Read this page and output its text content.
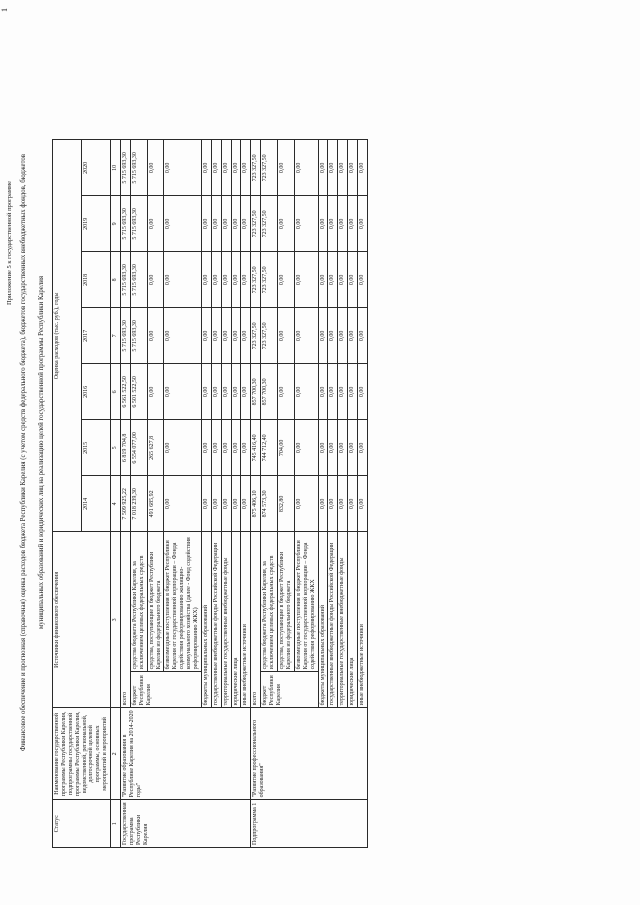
1
Приложение 5 к государственной программе Финансовое обеспечение и прогнозная (справочная) оценка расходов бюджета Республики Карелия (с учетом средств федерального бюджета), бюджетов государственных внебюджетных фондов, бюджетов муниципальных образований и юридических лиц на реализацию целей государственной программы Республики Карелия
Статус	Наименование государственной программы Республики Карелия, подпрограммы государственной программы Республики Карелия, ведомственной, региональной, долгосрочной целевой программы, основных мероприятий и мероприятий	Источники финансового обеспечения		Оценка расходов (тыс. руб.), годы						
				2014	2015	2016	2017	2018	2019	2020
1	2	3		4	5	6	7	8	9	10
Государственная программа Республики Карелия	"Развитие образования в Республике Карелия на 2014-2020 годы"	всего		7 509 925,22	6 819 704,8	6 561 522,50	5 715 693,30	5 715 693,30	5 715 693,30	5 715 693,30
		бюджет Республики Карелия	средства бюджета Республики Карелия, за исключением целевых федеральных средств	7 018 239,30	6 554 077,00	6 501 522,50	5 715 693,30	5 715 693,30	5 715 693,30	5 715 693,30
			средства, поступающие в бюджет Республики Карелия из федерального бюджета	491 685,92	265 627,8	0,00	0,00	0,00	0,00	0,00
			безвозмездные поступления в бюджет Республики Карелия от государственной корпорации – Фонда содействия реформированию жилищно-коммунального хозяйства (далее - Фонд содействия реформированию ЖКХ)	0,00	0,00	0,00	0,00	0,00	0,00	0,00
		бюджеты муниципальных образований		0,00	0,00	0,00	0,00	0,00	0,00	0,00
		государственные внебюджетные фонды Российской Федерации		0,00	0,00	0,00	0,00	0,00	0,00	0,00
		территориальные государственные внебюджетные фонды		0,00	0,00	0,00	0,00	0,00	0,00	0,00
		юридические лица		0,00	0,00	0,00	0,00	0,00	0,00	0,00
		иные внебюджетные источники		0,00	0,00	0,00	0,00	0,00	0,00	0,00
Подпрограмма 1	"Развитие профессионального образования"	всего		875 406,10	745 416,40	857 700,30	723 327,50	723 327,50	723 327,50	723 327,50
		бюджет Республики Карелия	средства бюджета Республики Карелия, за исключением целевых федеральных средств	874 573,30	744 712,40	857 700,30	723 327,50	723 327,50	723 327,50	723 327,50
			средства, поступающие в бюджет Республики Карелия из федерального бюджета	832,80	704,00	0,00	0,00	0,00	0,00	0,00
			безвозмездные поступления в бюджет Республики Карелия от государственной корпорации – Фонда содействия реформированию ЖКХ	0,00	0,00	0,00	0,00	0,00	0,00	0,00
		бюджеты муниципальных образований		0,00	0,00	0,00	0,00	0,00	0,00	0,00
		государственные внебюджетные фонды Российской Федерации		0,00	0,00	0,00	0,00	0,00	0,00	0,00
		территориальные государственные внебюджетные фонды		0,00	0,00	0,00	0,00	0,00	0,00	0,00
		юридические лица		0,00	0,00	0,00	0,00	0,00	0,00	0,00
		иные внебюджетные источники		0,00	0,00	0,00	0,00	0,00	0,00	0,00
